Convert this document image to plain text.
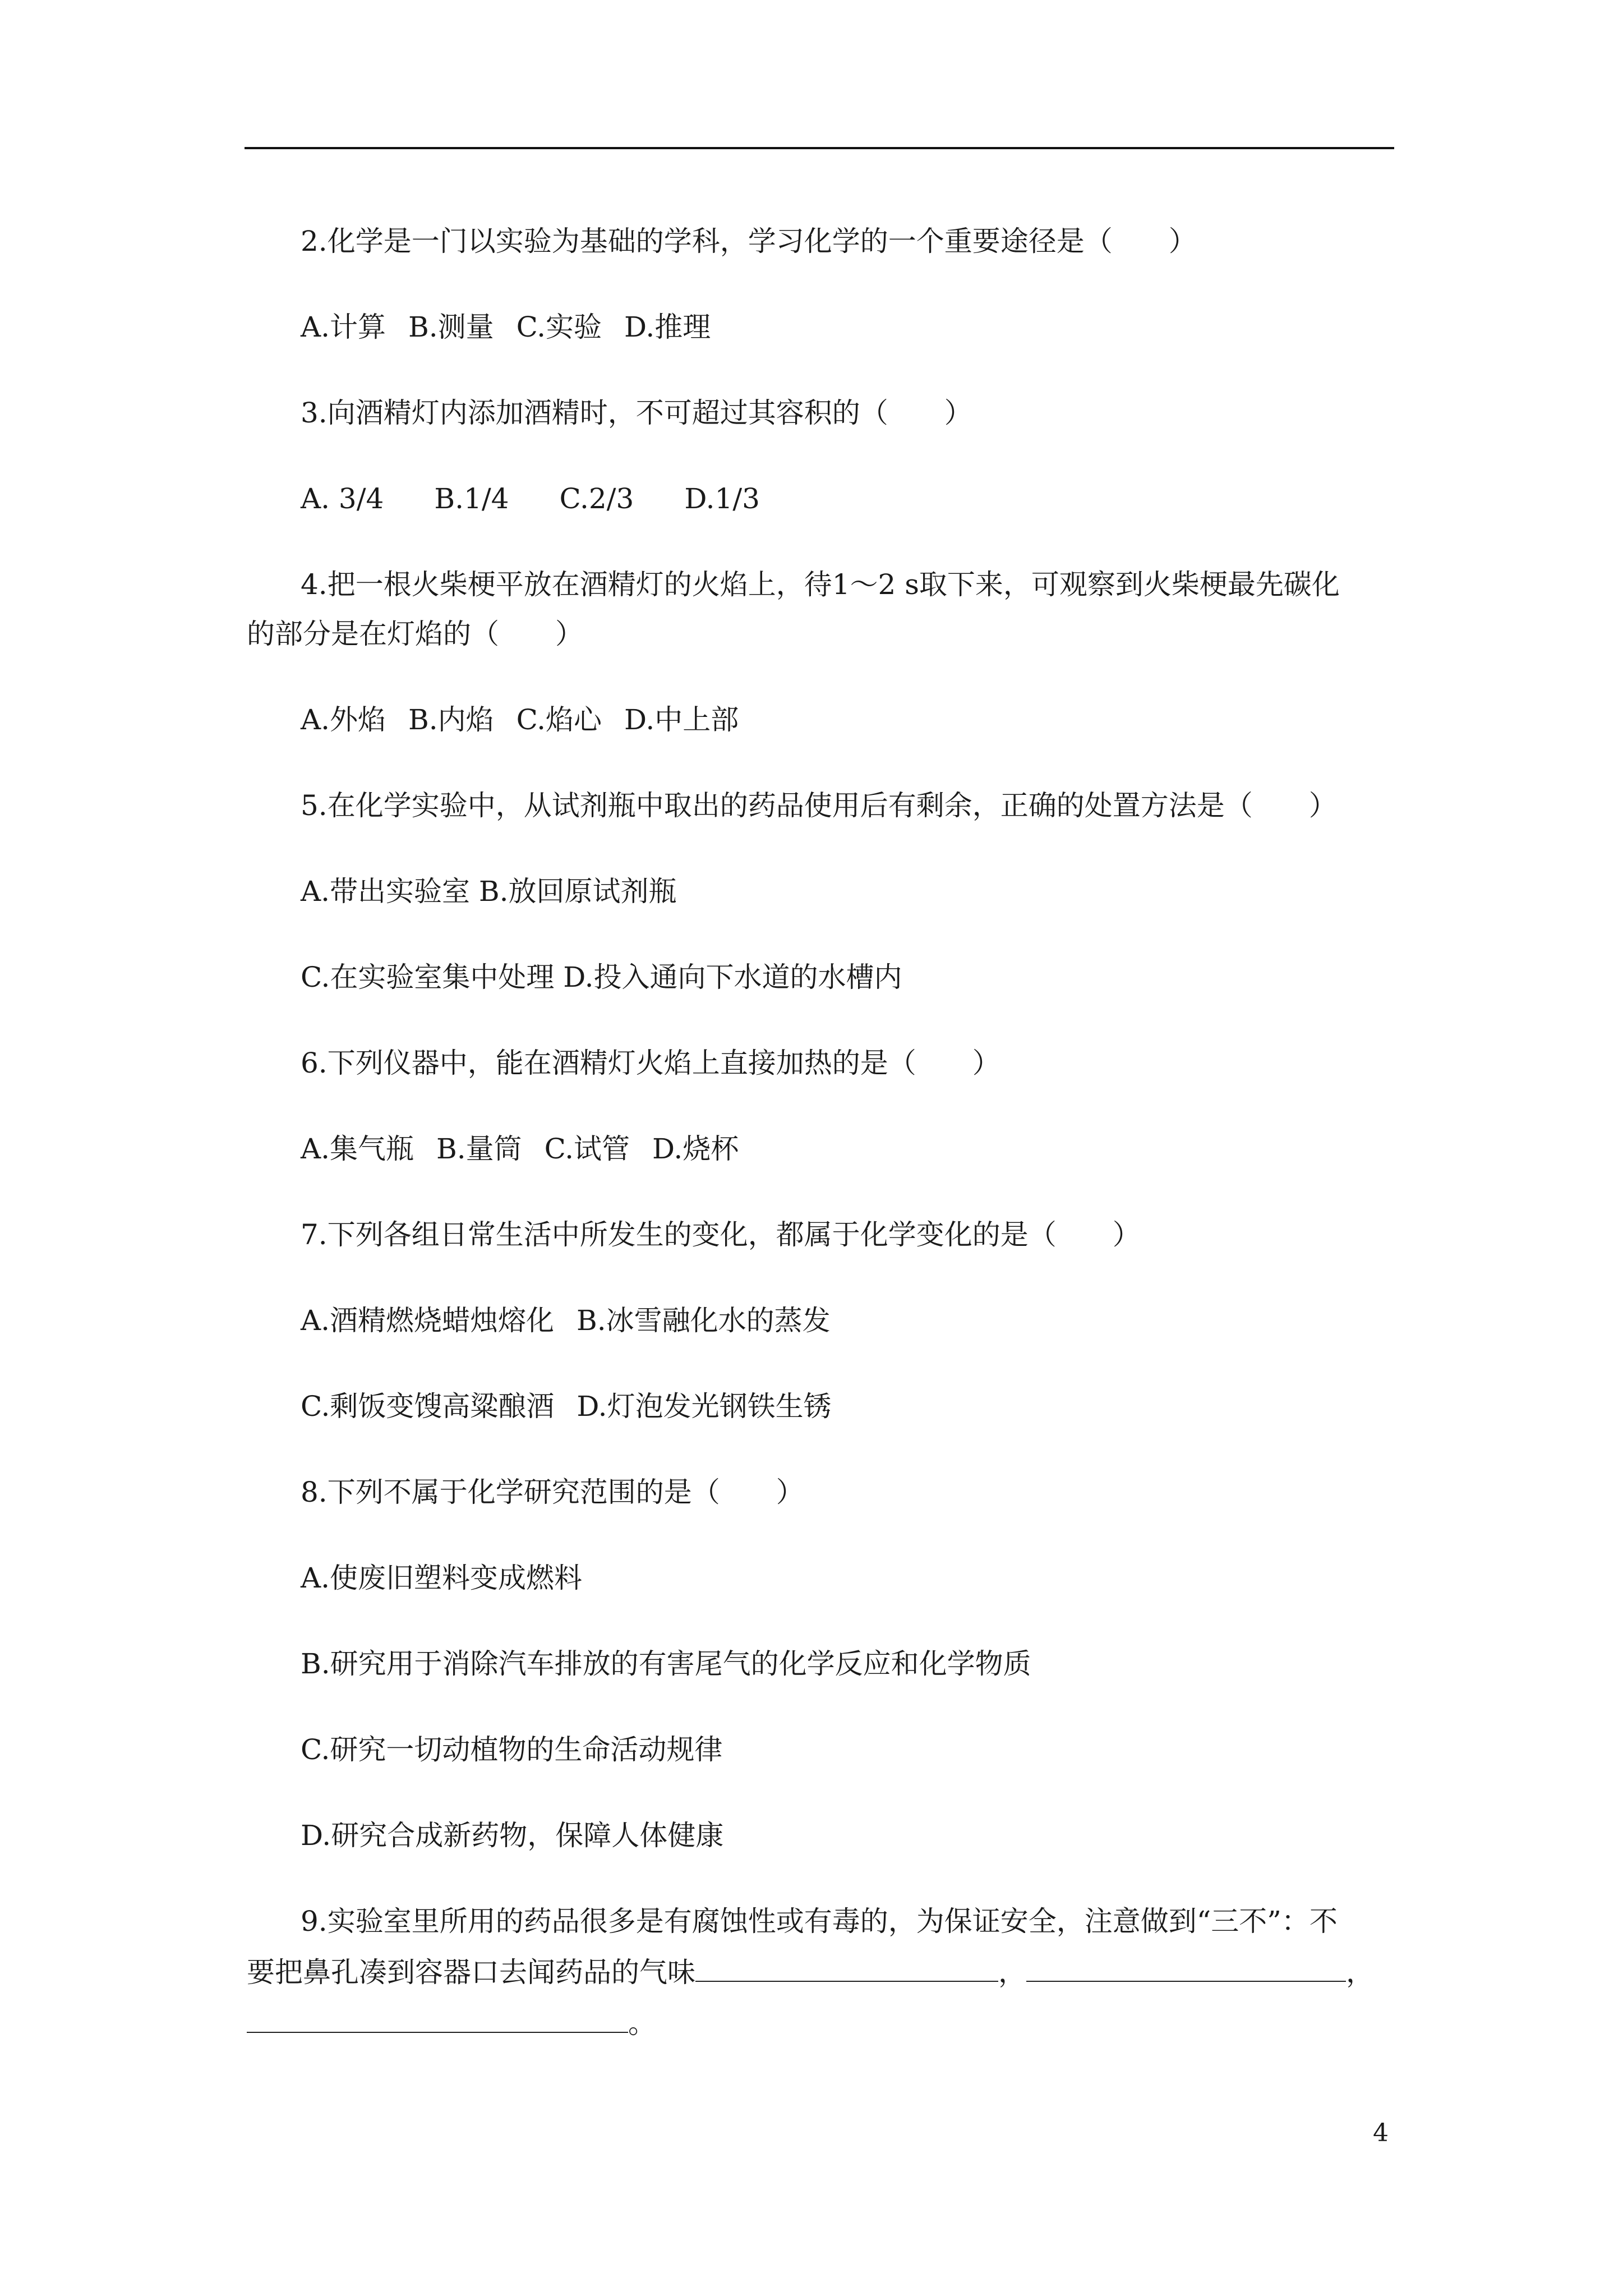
2.化学是一门以实验为基础的学科，学习化学的一个重要途径是（　　）

A.计算 B.测量 C.实验 D.推理

3.向酒精灯内添加酒精时，不可超过其容积的（　　）

A. 3/4 B.1/4 C.2/3 D.1/3

4.把一根火柴梗平放在酒精灯的火焰上，待1～2 s取下来，可观察到火柴梗最先碳化

的部分是在灯焰的（　　）

A.外焰 B.内焰 C.焰心 D.中上部

5.在化学实验中，从试剂瓶中取出的药品使用后有剩余，正确的处置方法是（　　）

A.带出实验室 B.放回原试剂瓶

C.在实验室集中处理 D.投入通向下水道的水槽内

6.下列仪器中，能在酒精灯火焰上直接加热的是（　　）

A.集气瓶 B.量筒 C.试管 D.烧杯

7.下列各组日常生活中所发生的变化，都属于化学变化的是（　　）

A.酒精燃烧蜡烛熔化 B.冰雪融化水的蒸发

C.剩饭变馊高粱酿酒 D.灯泡发光钢铁生锈

8.下列不属于化学研究范围的是（　　）

A.使废旧塑料变成燃料

B.研究用于消除汽车排放的有害尾气的化学反应和化学物质

C.研究一切动植物的生命活动规律

D.研究合成新药物，保障人体健康

9.实验室里所用的药品很多是有腐蚀性或有毒的，为保证安全，注意做到“三不”：不

要把鼻孔凑到容器口去闻药品的气味	，	，

。

4
